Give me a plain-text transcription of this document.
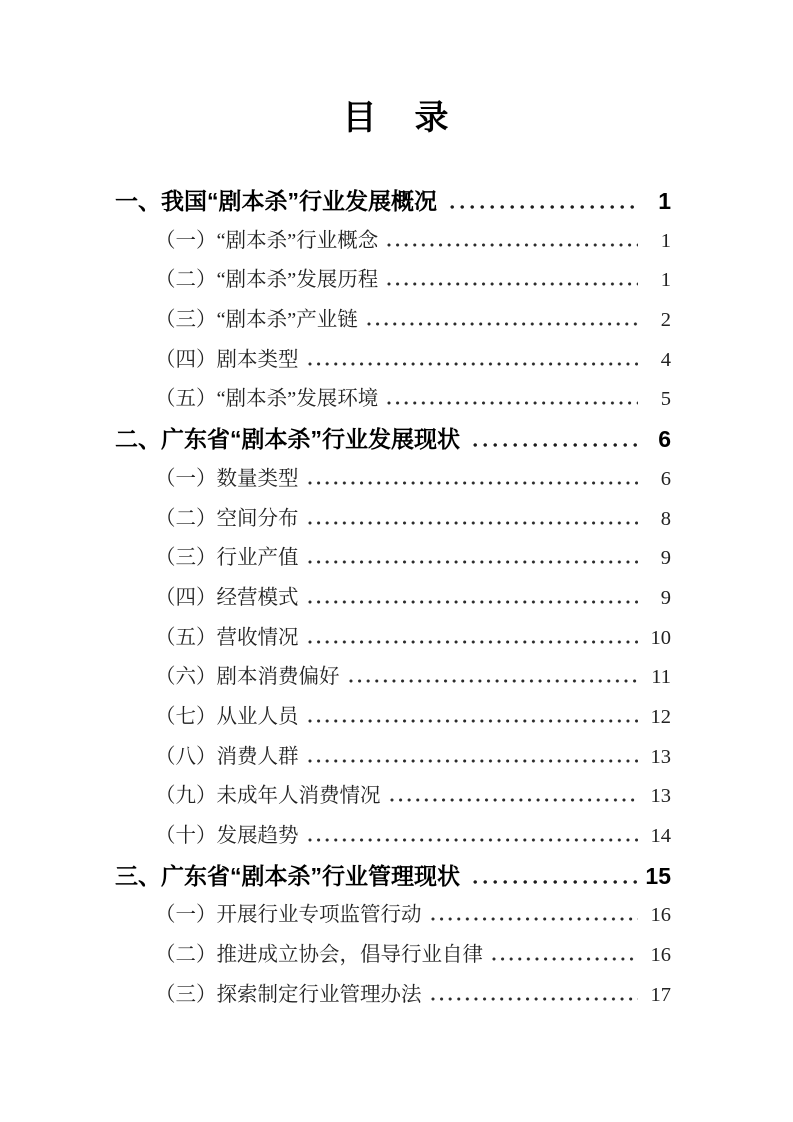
目　录
一、我国“剧本杀”行业发展概况	1
（一）“剧本杀”行业概念	1
（二）“剧本杀”发展历程	1
（三）“剧本杀”产业链	2
（四）剧本类型	4
（五）“剧本杀”发展环境	5
二、广东省“剧本杀”行业发展现状	6
（一）数量类型	6
（二）空间分布	8
（三）行业产值	9
（四）经营模式	9
（五）营收情况	10
（六）剧本消费偏好	11
（七）从业人员	12
（八）消费人群	13
（九）未成年人消费情况	13
（十）发展趋势	14
三、广东省“剧本杀”行业管理现状	15
（一）开展行业专项监管行动	16
（二）推进成立协会，倡导行业自律	16
（三）探索制定行业管理办法	17
